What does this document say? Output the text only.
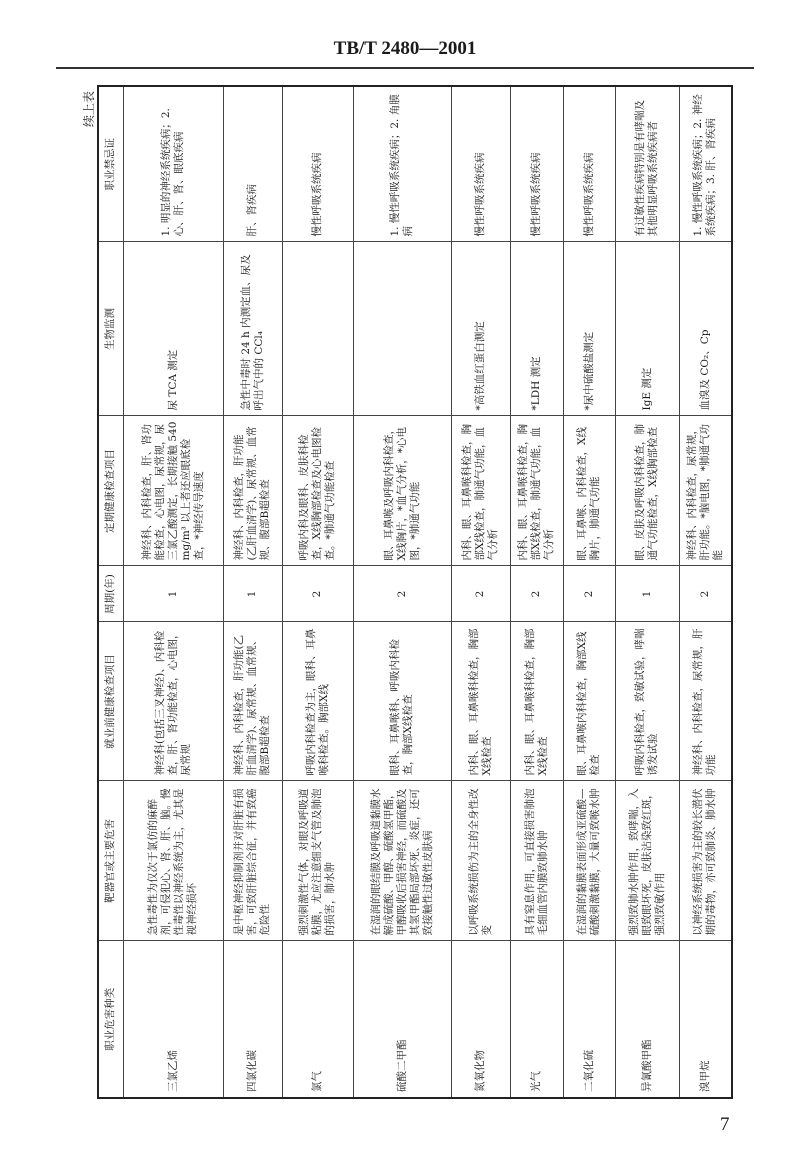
TB/T 2480—2001
续上表
职业危害种类	靶器官或主要危害	就业前健康检查项目	周期(年)	定期健康检查项目	生物监测	职业禁忌证
三氯乙烯	急性毒性为仅次于氯仿的麻醉剂，可侵犯心、肾、肝、脑。慢性毒性以神经系统为主，尤其是视神经损坏	神经科(包括三叉神经)、内科检查，肝、肾功能检查，心电图，尿常规	1	神经科、内科检查，肝、肾功能检查，心电图，尿常规，尿三氯乙酸测定，长期接触 540 mg/m³ 以上者还应眼底检查，*神经传导速度	尿 TCA 测定	1. 明显的神经系统疾病；2. 心、肝、肾、眼底疾病
四氯化碳	是中枢神经抑制剂并对肝脏有损害，可致肝脏综合征，并有致癌危险性	神经科、内科检查，肝功能(乙肝血清学)、尿常规、血常规、腹部B超检查	1	神经科、内科检查，肝功能(乙肝血清学)、尿常规、血常规、腹部B超检查	急性中毒时 24 h 内测定血、尿及呼出气中的 CCl₄	肝、肾疾病
氯气	强烈刺激性气体，对眼及呼吸道粘膜，尤应注意细支气管及肺泡的损害，肺水肿	呼吸内科检查为主，眼科、耳鼻喉科检查。胸部X线	2	呼吸内科及眼科、皮肤科检查，X线胸部检查及心电图检查。*肺通气功能检查		慢性呼吸系统疾病
硫酸二甲酯	在湿润的眼结膜及呼吸道黏膜水解成硫酸、甲醇、硫酸氢甲酯，甲醇吸收后损害神经，而硫酸及其氢甲酯局部坏死、炎症，还可致接触性过敏性皮肤病	眼科、耳鼻喉科、呼吸内科检查，胸部X线检查	2	眼、耳鼻喉及呼吸内科检查，X线胸片，*血气分析，*心电图，*肺通气功能		1. 慢性呼吸系统疾病；2. 角膜病
氮氧化物	以呼吸系统损伤为主的全身性改变	内科、眼、耳鼻喉科检查，胸部X线检查	2	内科、眼、耳鼻喉科检查，胸部X线检查，肺通气功能，血气分析	*高铁血红蛋白测定	慢性呼吸系统疾病
光气	具有窒息作用，可直接损害肺泡毛细血管内膜致肺水肿	内科、眼、耳鼻喉科检查，胸部X线检查	2	内科、眼、耳鼻喉科检查，胸部X线检查，肺通气功能，血气分析	*LDH 测定	慢性呼吸系统疾病
二氧化硫	在湿润的黏膜表面形成亚硫酸—硫酸刺激黏膜，大量可致喉水肿	眼、耳鼻喉内科检查，胸部X线检查	2	眼、耳鼻喉、内科检查，X线胸片，肺通气功能	*尿中硫酸盐测定	慢性呼吸系统疾病
异氰酸甲酯	强烈致肺水肿作用，致哮喘，入眼致眼坏死，皮肤沾染致红斑，强烈致敏作用	呼吸内科检查，致敏试验，哮喘诱发试验	1	眼、皮肤及呼吸内科检查，肺通气功能检查，X线胸部检查	IgE 测定	有过敏性疾病特别是有哮喘及其他明显呼吸系统疾病者
溴甲烷	以神经系统损害为主的较长潜伏期的毒物，亦可致肺炎、肺水肿	神经科、内科检查，尿常规，肝功能	2	神经科、内科检查，尿常规，肝功能。*脑电图，*肺通气功能	血溴及 CO₂、Cp	1. 慢性呼吸系统疾病；2. 神经系统疾病；3. 肝、肾疾病
7
